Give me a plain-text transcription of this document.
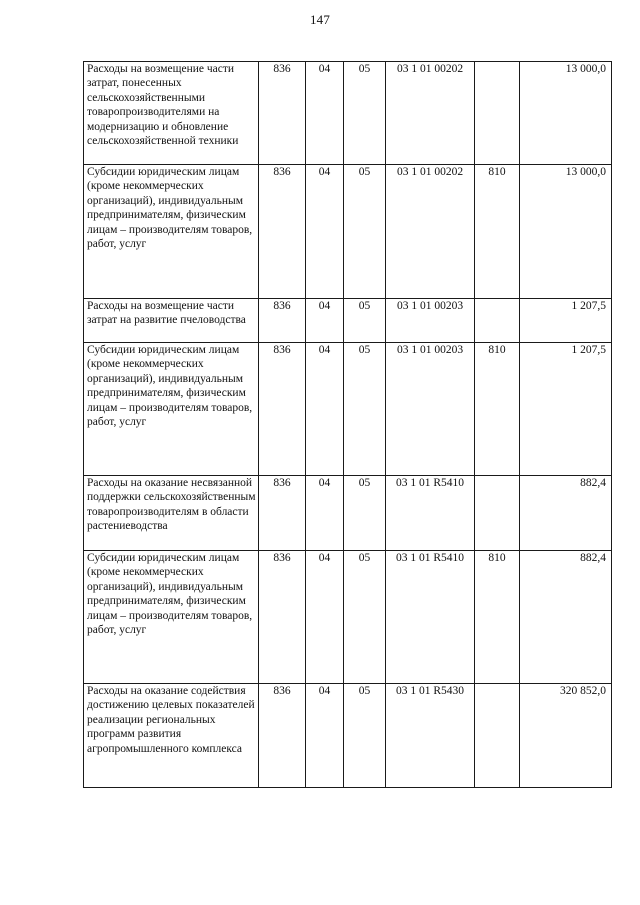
147
Расходы на возмещение части затрат, понесенных сельскохозяйственными товаропроизводителями на модернизацию и обновление сельскохозяйственной техники	836	04	05	03 1 01 00202		13 000,0

Субсидии юридическим лицам (кроме некоммерческих организаций), индивидуальным предпринимателям, физическим лицам – производителям товаров, работ, услуг	836	04	05	03 1 01 00202	810	13 000,0

Расходы на возмещение части затрат на развитие пчеловодства	836	04	05	03 1 01 00203		1 207,5

Субсидии юридическим лицам (кроме некоммерческих организаций), индивидуальным предпринимателям, физическим лицам – производителям товаров, работ, услуг	836	04	05	03 1 01 00203	810	1 207,5

Расходы на оказание несвязанной поддержки сельскохозяйственным товаропроизводителям в области растениеводства	836	04	05	03 1 01 R5410		882,4

Субсидии юридическим лицам (кроме некоммерческих организаций), индивидуальным предпринимателям, физическим лицам – производителям товаров, работ, услуг	836	04	05	03 1 01 R5410	810	882,4

Расходы на оказание содействия достижению целевых показателей реализации региональных программ развития агропромышленного комплекса	836	04	05	03 1 01 R5430		320 852,0
